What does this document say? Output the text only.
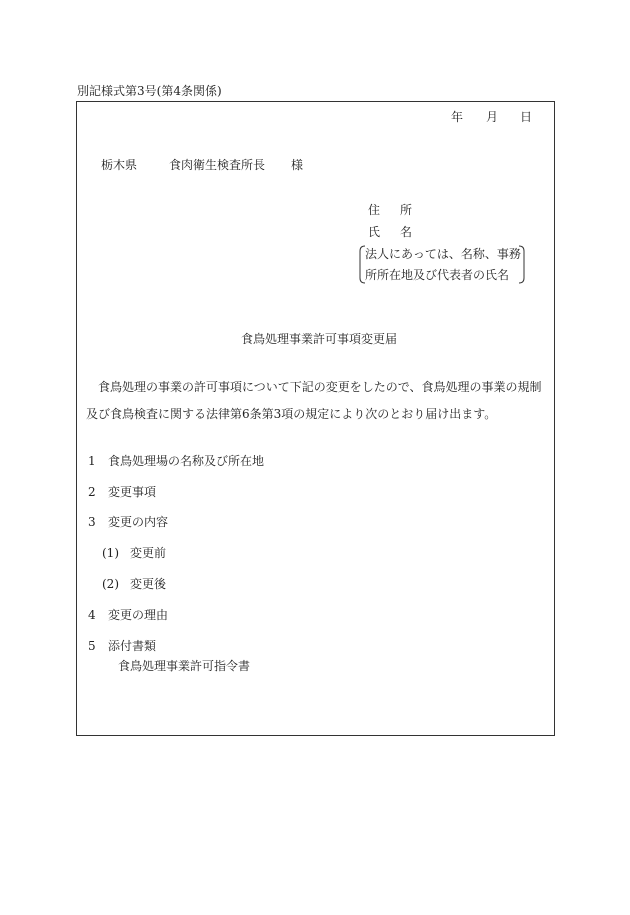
別記様式第3号(第4条関係)
年 月 日
栃木県	食肉衛生検査所長 様
住所
氏名
法人にあっては、名称、事務
所所在地及び代表者の氏名
食鳥処理事業許可事項変更届
食鳥処理の事業の許可事項について下記の変更をしたので、食鳥処理の事業の規制及び食鳥検査に関する法律第6条第3項の規定により次のとおり届け出ます。
1 食鳥処理場の名称及び所在地
2 変更事項
3 変更の内容
(1) 変更前
(2) 変更後
4 変更の理由
5 添付書類
食鳥処理事業許可指令書
